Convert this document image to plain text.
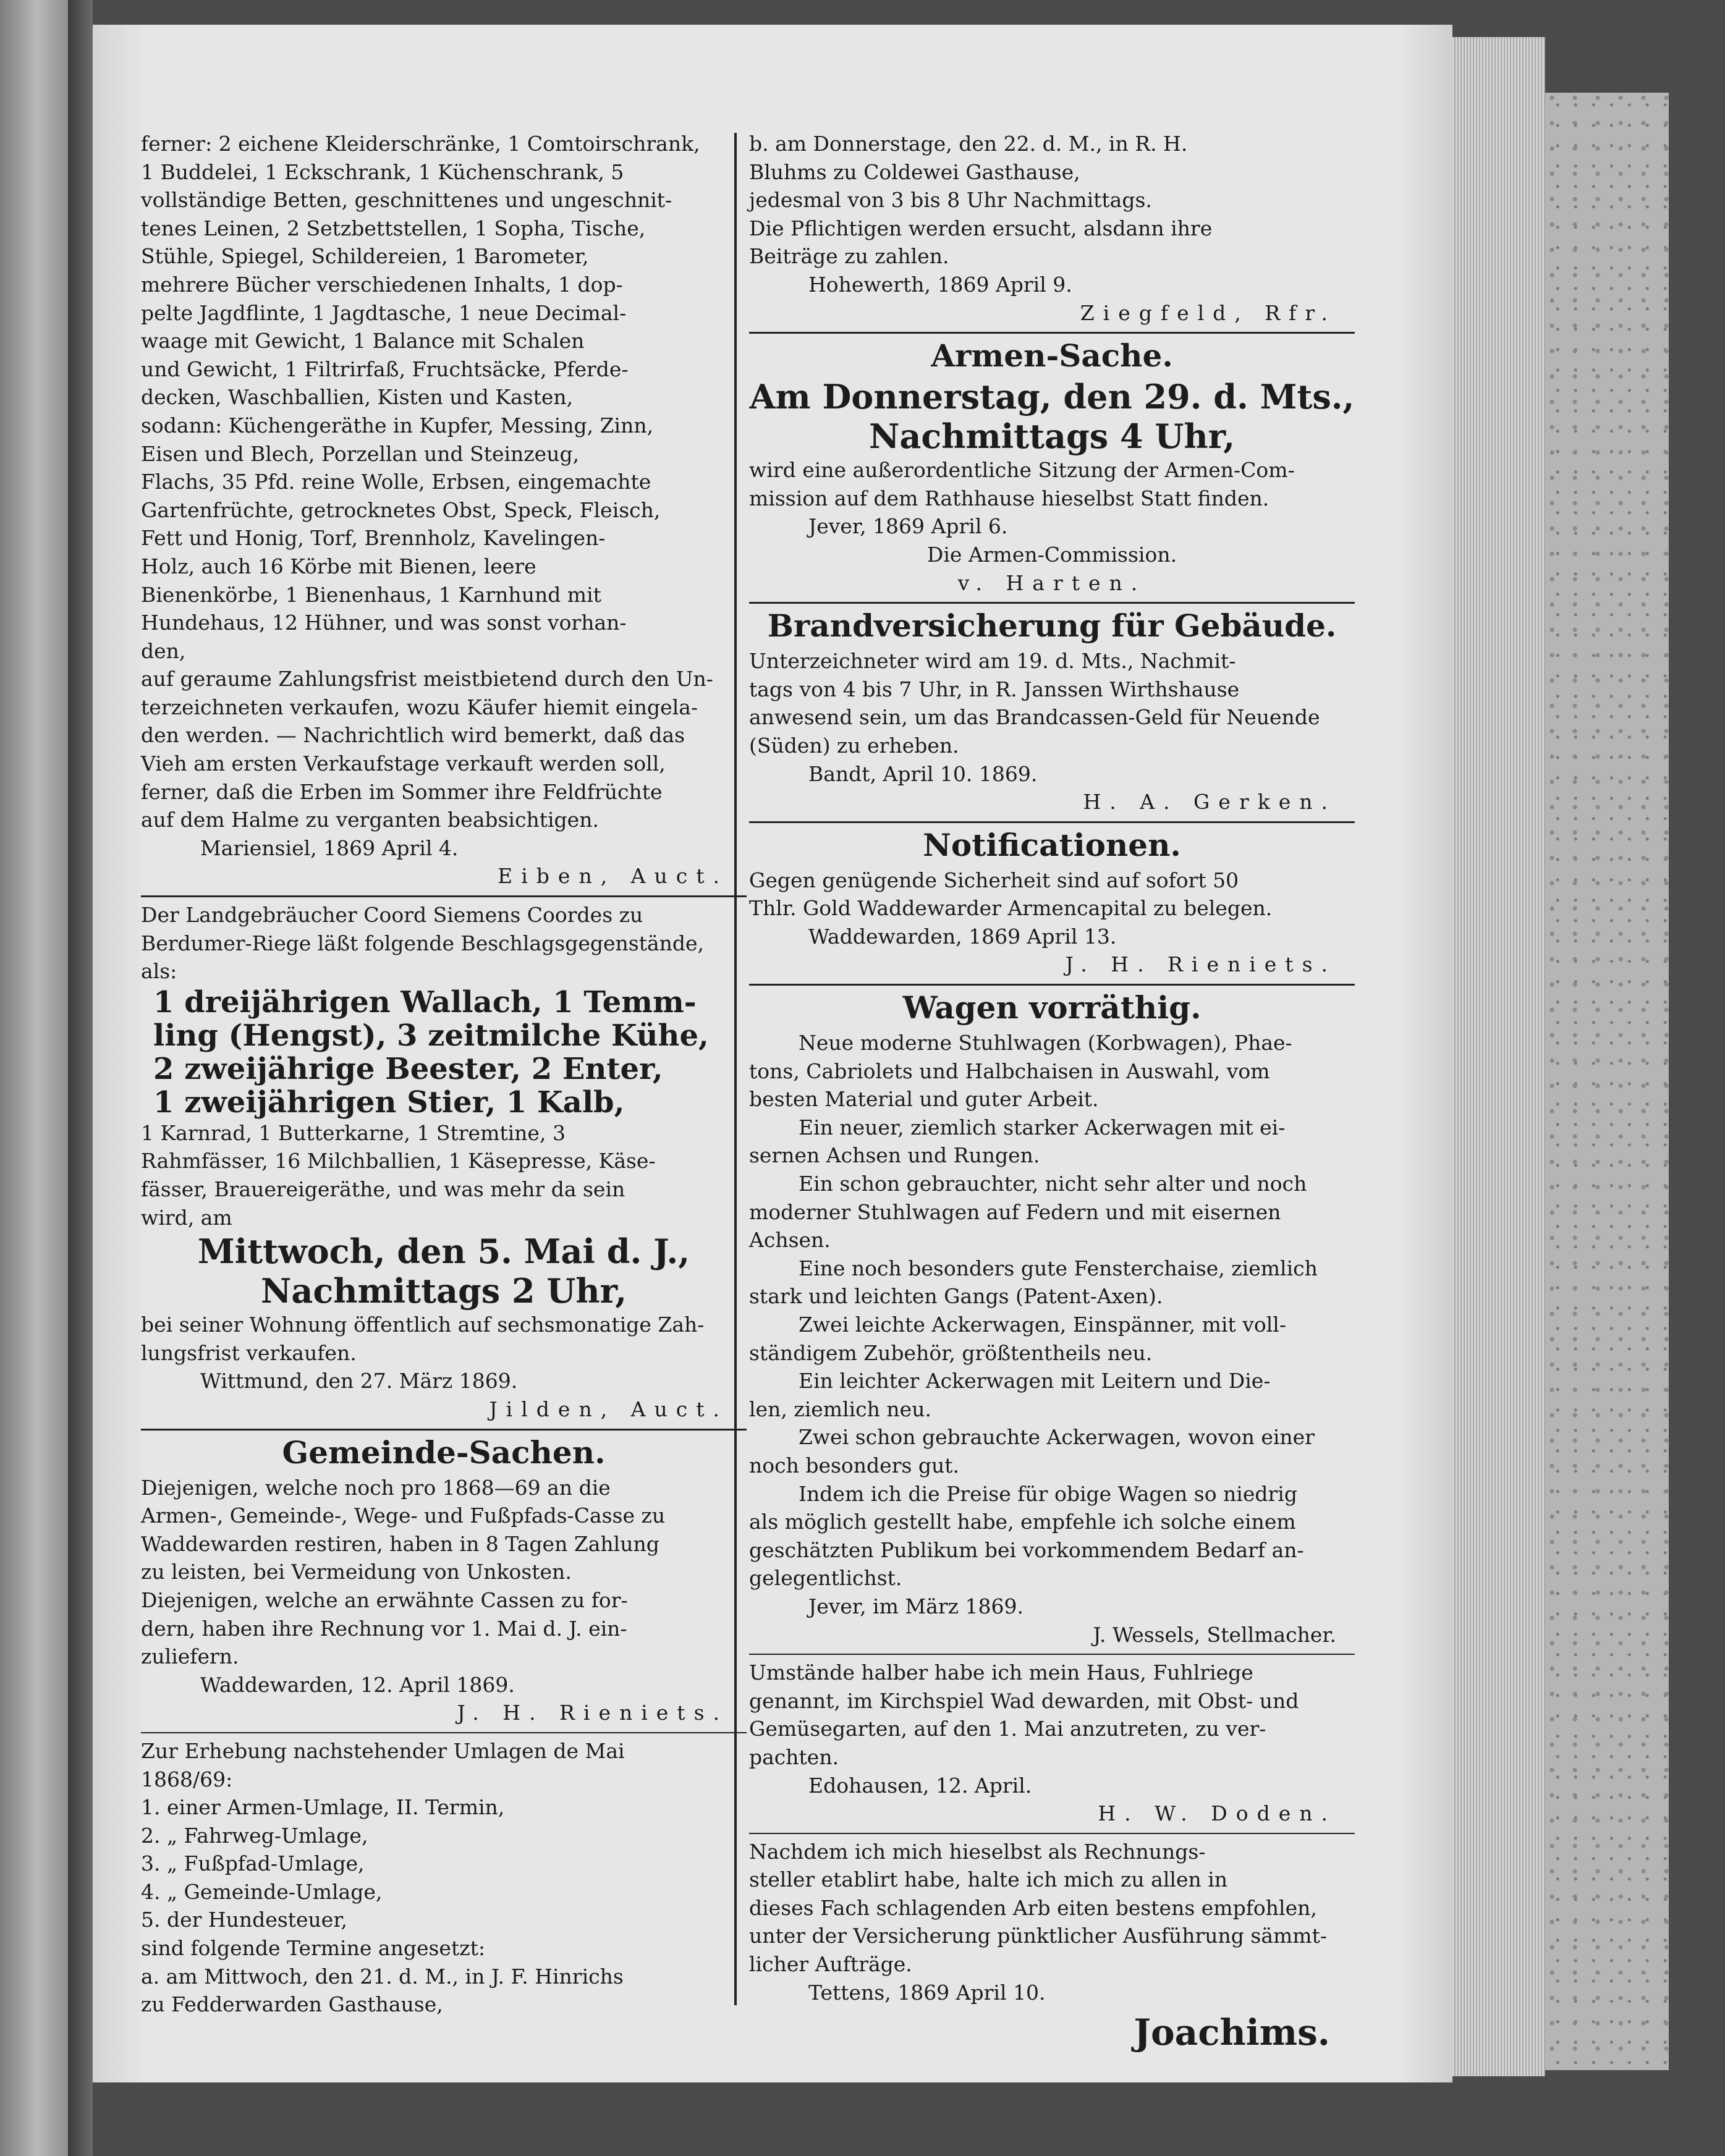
ferner: 2 eichene Kleiderschränke, 1 Comtoirschrank,
1 Buddelei, 1 Eckschrank, 1 Küchenschrank, 5
vollständige Betten, geschnittenes und ungeschnit-
tenes Leinen, 2 Setzbettstellen, 1 Sopha, Tische,
Stühle, Spiegel, Schildereien, 1 Barometer,
mehrere Bücher verschiedenen Inhalts, 1 dop-
pelte Jagdflinte, 1 Jagdtasche, 1 neue Decimal-
waage mit Gewicht, 1 Balance mit Schalen
und Gewicht, 1 Filtrirfaß, Fruchtsäcke, Pferde-
decken, Waschballien, Kisten und Kasten,
sodann: Küchengeräthe in Kupfer, Messing, Zinn,
Eisen und Blech, Porzellan und Steinzeug,
Flachs, 35 Pfd. reine Wolle, Erbsen, eingemachte
Gartenfrüchte, getrocknetes Obst, Speck, Fleisch,
Fett und Honig, Torf, Brennholz, Kavelingen-
Holz, auch 16 Körbe mit Bienen, leere
Bienenkörbe, 1 Bienenhaus, 1 Karnhund mit
Hundehaus, 12 Hühner, und was sonst vorhan-
den,
auf geraume Zahlungsfrist meistbietend durch den Un-
terzeichneten verkaufen, wozu Käufer hiemit eingela-
den werden. — Nachrichtlich wird bemerkt, daß das
Vieh am ersten Verkaufstage verkauft werden soll,
ferner, daß die Erben im Sommer ihre Feldfrüchte
auf dem Halme zu verganten beabsichtigen.

Mariensiel, 1869 April 4.

Eiben, Auct.

Der Landgebräucher Coord Siemens Coordes zu
Berdumer-Riege läßt folgende Beschlagsgegenstände,
als:
1 dreijährigen Wallach, 1 Temm-
ling (Hengst), 3 zeitmilche Kühe,
2 zweijährige Beester, 2 Enter,
1 zweijährigen Stier, 1 Kalb,
1 Karnrad, 1 Butterkarne, 1 Stremtine, 3
Rahmfässer, 16 Milchballien, 1 Käsepresse, Käse-
fässer, Brauereigeräthe, und was mehr da sein
wird, am
Mittwoch, den 5. Mai d. J.,
Nachmittags 2 Uhr,
bei seiner Wohnung öffentlich auf sechsmonatige Zah-
lungsfrist verkaufen.

Wittmund, den 27. März 1869.

Jilden, Auct.

Gemeinde-Sachen.
Diejenigen, welche noch pro 1868—69 an die
Armen-, Gemeinde-, Wege- und Fußpfads-Casse zu
Waddewarden restiren, haben in 8 Tagen Zahlung
zu leisten, bei Vermeidung von Unkosten.
Diejenigen, welche an erwähnte Cassen zu for-
dern, haben ihre Rechnung vor 1. Mai d. J. ein-
zuliefern.

Waddewarden, 12. April 1869.

J. H. Rieniets.

Zur Erhebung nachstehender Umlagen de Mai
1868/69:
1. einer Armen-Umlage, II. Termin,
2. „ Fahrweg-Umlage,
3. „ Fußpfad-Umlage,
4. „ Gemeinde-Umlage,
5. der Hundesteuer,
sind folgende Termine angesetzt:
a. am Mittwoch, den 21. d. M., in J. F. Hinrichs
zu Fedderwarden Gasthause,
b. am Donnerstage, den 22. d. M., in R. H.
Bluhms zu Coldewei Gasthause,
jedesmal von 3 bis 8 Uhr Nachmittags.
Die Pflichtigen werden ersucht, alsdann ihre
Beiträge zu zahlen.

Hohewerth, 1869 April 9.

Ziegfeld, Rfr.

Armen-Sache.
Am Donnerstag, den 29. d. Mts.,
Nachmittags 4 Uhr,
wird eine außerordentliche Sitzung der Armen-Com-
mission auf dem Rathhause hieselbst Statt finden.

Jever, 1869 April 6.

Die Armen-Commission.

v. Harten.

Brandversicherung für Gebäude.
Unterzeichneter wird am 19. d. Mts., Nachmit-
tags von 4 bis 7 Uhr, in R. Janssen Wirthshause
anwesend sein, um das Brandcassen-Geld für Neuende
(Süden) zu erheben.

Bandt, April 10. 1869.

H. A. Gerken.

Notificationen.
Gegen genügende Sicherheit sind auf sofort 50
Thlr. Gold Waddewarder Armencapital zu belegen.

Waddewarden, 1869 April 13.

J. H. Rieniets.

Wagen vorräthig.
Neue moderne Stuhlwagen (Korbwagen), Phae-
tons, Cabriolets und Halbchaisen in Auswahl, vom
besten Material und guter Arbeit.
Ein neuer, ziemlich starker Ackerwagen mit ei-
sernen Achsen und Rungen.
Ein schon gebrauchter, nicht sehr alter und noch
moderner Stuhlwagen auf Federn und mit eisernen
Achsen.
Eine noch besonders gute Fensterchaise, ziemlich
stark und leichten Gangs (Patent-Axen).
Zwei leichte Ackerwagen, Einspänner, mit voll-
ständigem Zubehör, größtentheils neu.
Ein leichter Ackerwagen mit Leitern und Die-
len, ziemlich neu.
Zwei schon gebrauchte Ackerwagen, wovon einer
noch besonders gut.
Indem ich die Preise für obige Wagen so niedrig
als möglich gestellt habe, empfehle ich solche einem
geschätzten Publikum bei vorkommendem Bedarf an-
gelegentlichst.

Jever, im März 1869.

J. Wessels, Stellmacher.

Umstände halber habe ich mein Haus, Fuhlriege
genannt, im Kirchspiel Wad dewarden, mit Obst- und
Gemüsegarten, auf den 1. Mai anzutreten, zu ver-
pachten.

Edohausen, 12. April.

H. W. Doden.

Nachdem ich mich hieselbst als Rechnungs-
steller etablirt habe, halte ich mich zu allen in
dieses Fach schlagenden Arb eiten bestens empfohlen,
unter der Versicherung pünktlicher Ausführung sämmt-
licher Aufträge.

Tettens, 1869 April 10.

Joachims.
